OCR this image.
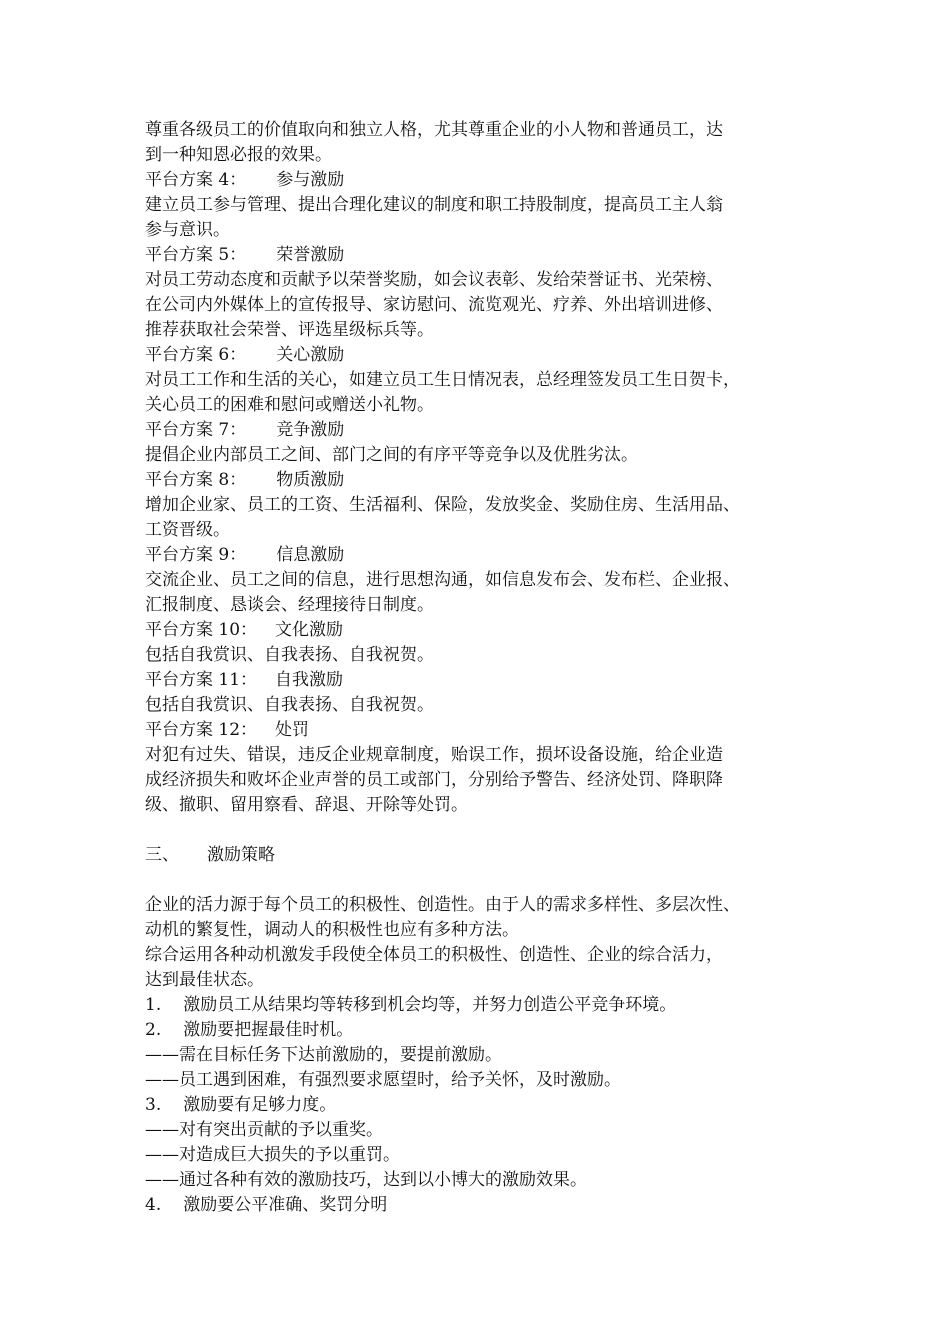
尊重各级员工的价值取向和独立人格，尤其尊重企业的小人物和普通员工，达
到一种知恩必报的效果。
平台方案 4： 参与激励
建立员工参与管理、提出合理化建议的制度和职工持股制度，提高员工主人翁
参与意识。
平台方案 5： 荣誉激励
对员工劳动态度和贡献予以荣誉奖励，如会议表彰、发给荣誉证书、光荣榜、
在公司内外媒体上的宣传报导、家访慰问、流览观光、疗养、外出培训进修、
推荐获取社会荣誉、评选星级标兵等。
平台方案 6： 关心激励
对员工工作和生活的关心，如建立员工生日情况表，总经理签发员工生日贺卡，
关心员工的困难和慰问或赠送小礼物。
平台方案 7： 竞争激励
提倡企业内部员工之间、部门之间的有序平等竞争以及优胜劣汰。
平台方案 8： 物质激励
增加企业家、员工的工资、生活福利、保险，发放奖金、奖励住房、生活用品、
工资晋级。
平台方案 9： 信息激励
交流企业、员工之间的信息，进行思想沟通，如信息发布会、发布栏、企业报、
汇报制度、恳谈会、经理接待日制度。
平台方案 10： 文化激励
包括自我赏识、自我表扬、自我祝贺。
平台方案 11： 自我激励
包括自我赏识、自我表扬、自我祝贺。
平台方案 12： 处罚
对犯有过失、错误，违反企业规章制度，贻误工作，损坏设备设施，给企业造
成经济损失和败坏企业声誉的员工或部门，分别给予警告、经济处罚、降职降
级、撤职、留用察看、辞退、开除等处罚。
三、 激励策略
企业的活力源于每个员工的积极性、创造性。由于人的需求多样性、多层次性、
动机的繁复性，调动人的积极性也应有多种方法。
综合运用各种动机激发手段使全体员工的积极性、创造性、企业的综合活力，
达到最佳状态。
1. 激励员工从结果均等转移到机会均等，并努力创造公平竞争环境。
2. 激励要把握最佳时机。
——需在目标任务下达前激励的，要提前激励。
——员工遇到困难，有强烈要求愿望时，给予关怀，及时激励。
3. 激励要有足够力度。
——对有突出贡献的予以重奖。
——对造成巨大损失的予以重罚。
——通过各种有效的激励技巧，达到以小博大的激励效果。
4. 激励要公平准确、奖罚分明
